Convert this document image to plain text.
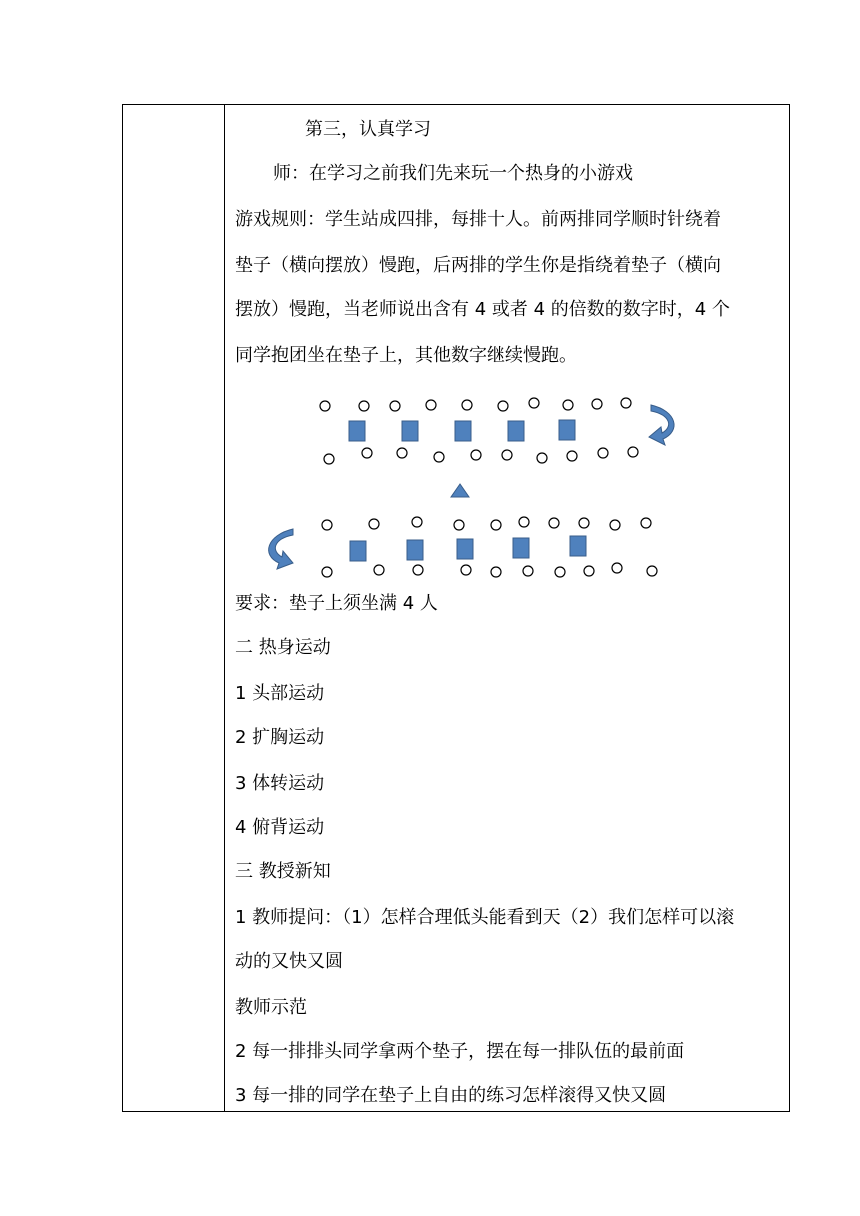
第三，认真学习
师：在学习之前我们先来玩一个热身的小游戏
游戏规则：学生站成四排，每排十人。前两排同学顺时针绕着
垫子（横向摆放）慢跑，后两排的学生你是指绕着垫子（横向
摆放）慢跑，当老师说出含有 4 或者 4 的倍数的数字时，4 个
同学抱团坐在垫子上，其他数字继续慢跑。
要求：垫子上须坐满 4 人
二 热身运动
1 头部运动
2 扩胸运动
3 体转运动
4 俯背运动
三 教授新知
1 教师提问：（1）怎样合理低头能看到天（2）我们怎样可以滚
动的又快又圆
教师示范
2 每一排排头同学拿两个垫子，摆在每一排队伍的最前面
3 每一排的同学在垫子上自由的练习怎样滚得又快又圆
